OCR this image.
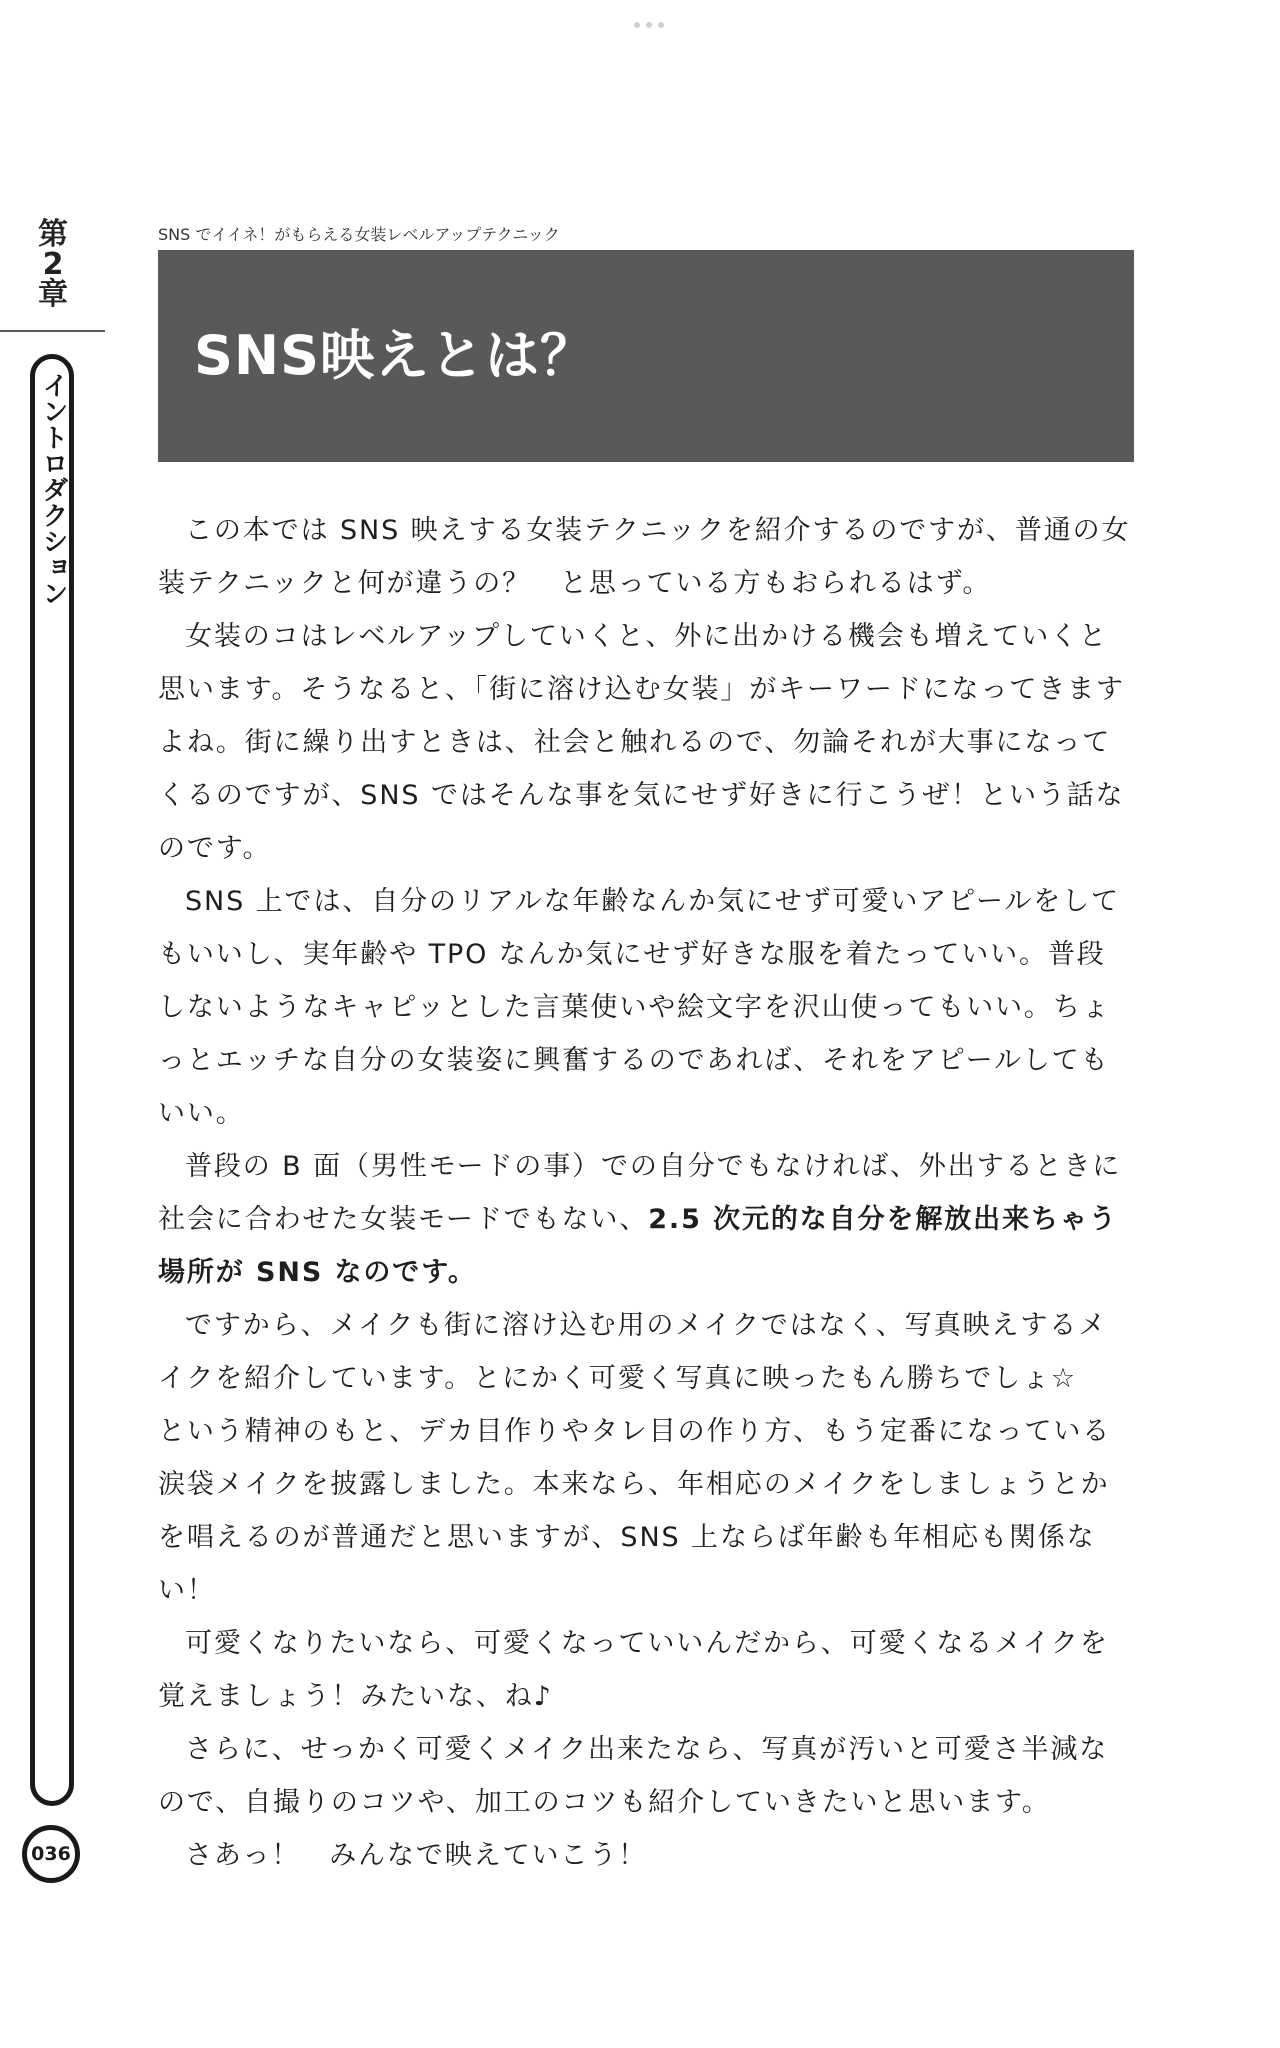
第
2
章
イントロダクション
036
SNS でイイネ！がもらえる女装レベルアップテクニック
SNS映えとは？

この本では SNS 映えする女装テクニックを紹介するのですが、普通の女装テクニックと何が違うの？　と思っている方もおられるはず。

女装のコはレベルアップしていくと、外に出かける機会も増えていくと思います。そうなると、「街に溶け込む女装」がキーワードになってきますよね。街に繰り出すときは、社会と触れるので、勿論それが大事になってくるのですが、SNS ではそんな事を気にせず好きに行こうぜ！という話なのです。

SNS 上では、自分のリアルな年齢なんか気にせず可愛いアピールをしてもいいし、実年齢や TPO なんか気にせず好きな服を着たっていい。普段しないようなキャピッとした言葉使いや絵文字を沢山使ってもいい。ちょっとエッチな自分の女装姿に興奮するのであれば、それをアピールしてもいい。

普段の B 面（男性モードの事）での自分でもなければ、外出するときに社会に合わせた女装モードでもない、2.5 次元的な自分を解放出来ちゃう場所が SNS なのです。

ですから、メイクも街に溶け込む用のメイクではなく、写真映えするメイクを紹介しています。とにかく可愛く写真に映ったもん勝ちでしょ☆　という精神のもと、デカ目作りやタレ目の作り方、もう定番になっている涙袋メイクを披露しました。本来なら、年相応のメイクをしましょうとかを唱えるのが普通だと思いますが、SNS 上ならば年齢も年相応も関係ない！

可愛くなりたいなら、可愛くなっていいんだから、可愛くなるメイクを覚えましょう！みたいな、ね♪

さらに、せっかく可愛くメイク出来たなら、写真が汚いと可愛さ半減なので、自撮りのコツや、加工のコツも紹介していきたいと思います。

さあっ！　みんなで映えていこう！
